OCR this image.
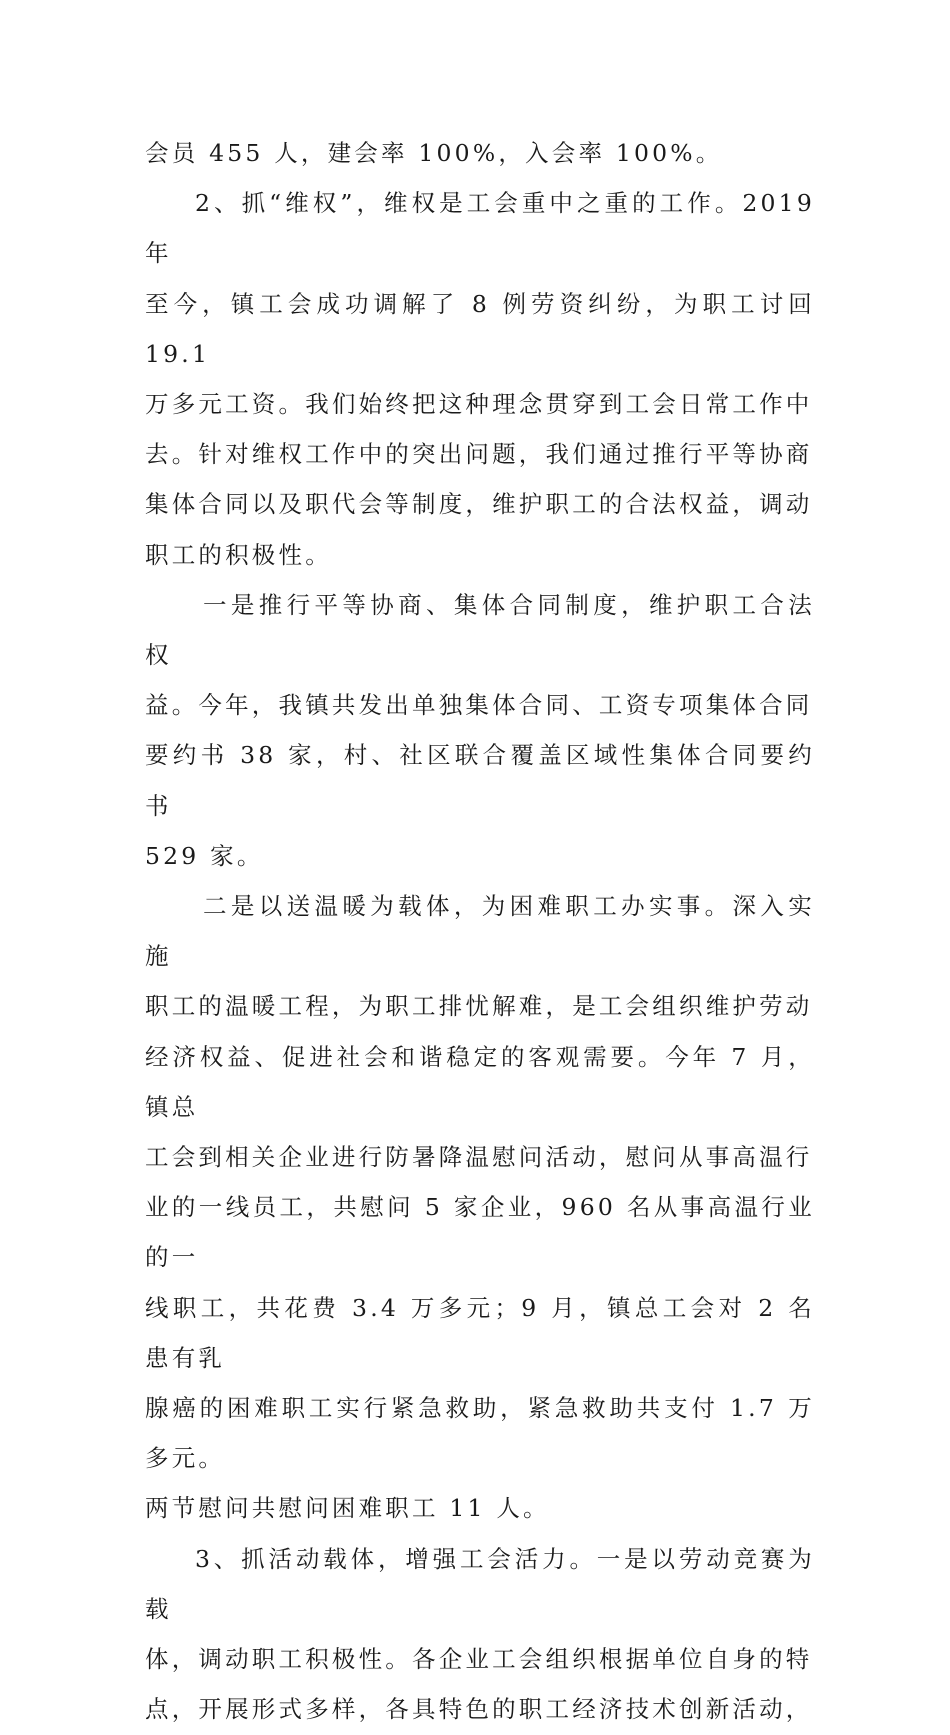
会员 455 人，建会率 100%，入会率 100%。
2、抓“维权”，维权是工会重中之重的工作。2019 年
至今，镇工会成功调解了 8 例劳资纠纷，为职工讨回 19.1
万多元工资。我们始终把这种理念贯穿到工会日常工作中
去。针对维权工作中的突出问题，我们通过推行平等协商
集体合同以及职代会等制度，维护职工的合法权益，调动
职工的积极性。
一是推行平等协商、集体合同制度，维护职工合法权
益。今年，我镇共发出单独集体合同、工资专项集体合同
要约书 38 家，村、社区联合覆盖区域性集体合同要约书
529 家。
二是以送温暖为载体，为困难职工办实事。深入实施
职工的温暖工程，为职工排忧解难，是工会组织维护劳动
经济权益、促进社会和谐稳定的客观需要。今年 7 月，镇总
工会到相关企业进行防暑降温慰问活动，慰问从事高温行
业的一线员工，共慰问 5 家企业，960 名从事高温行业的一
线职工，共花费 3.4 万多元；9 月，镇总工会对 2 名患有乳
腺癌的困难职工实行紧急救助，紧急救助共支付 1.7 万多元。
两节慰问共慰问困难职工 11 人。
3、抓活动载体，增强工会活力。一是以劳动竞赛为载
体，调动职工积极性。各企业工会组织根据单位自身的特
点，开展形式多样，各具特色的职工经济技术创新活动，
